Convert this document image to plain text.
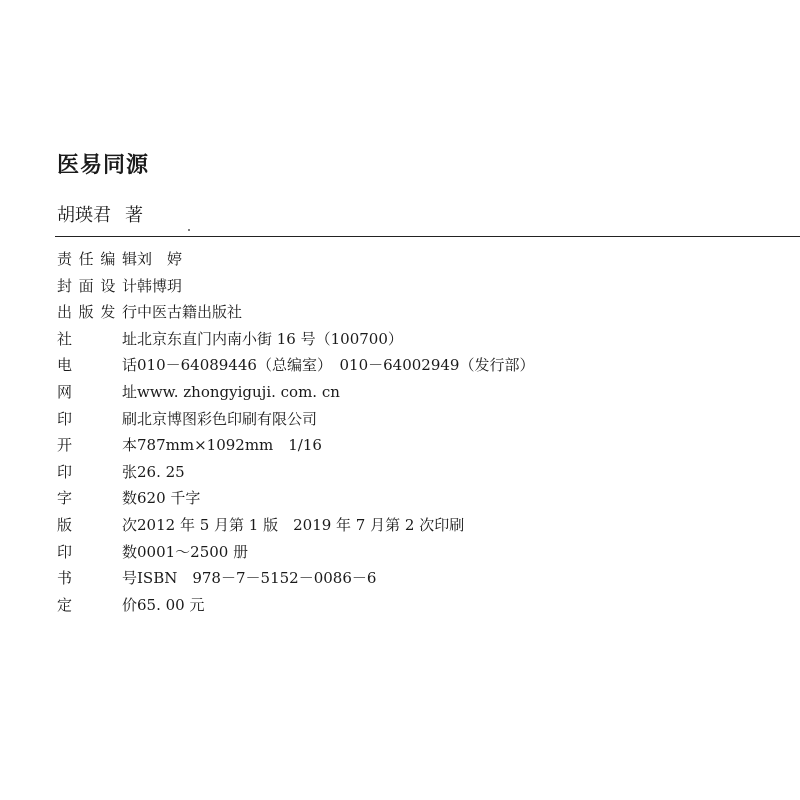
医易同源
胡瑛君 著
责任编辑刘　婷
封面设计韩博玥
出版发行中医古籍出版社
社　址北京东直门内南小街 16 号（100700）
电　话010－64089446（总编室）　010－64002949（发行部）
网　址www. zhongyiguji. com. cn
印　刷北京博图彩色印刷有限公司
开　本787mm×1092mm　1/16
印　张26. 25
字　数620 千字
版　次2012 年 5 月第 1 版　2019 年 7 月第 2 次印刷
印　数0001～2500 册
书　号ISBN　978－7－5152－0086－6
定　价65. 00 元
